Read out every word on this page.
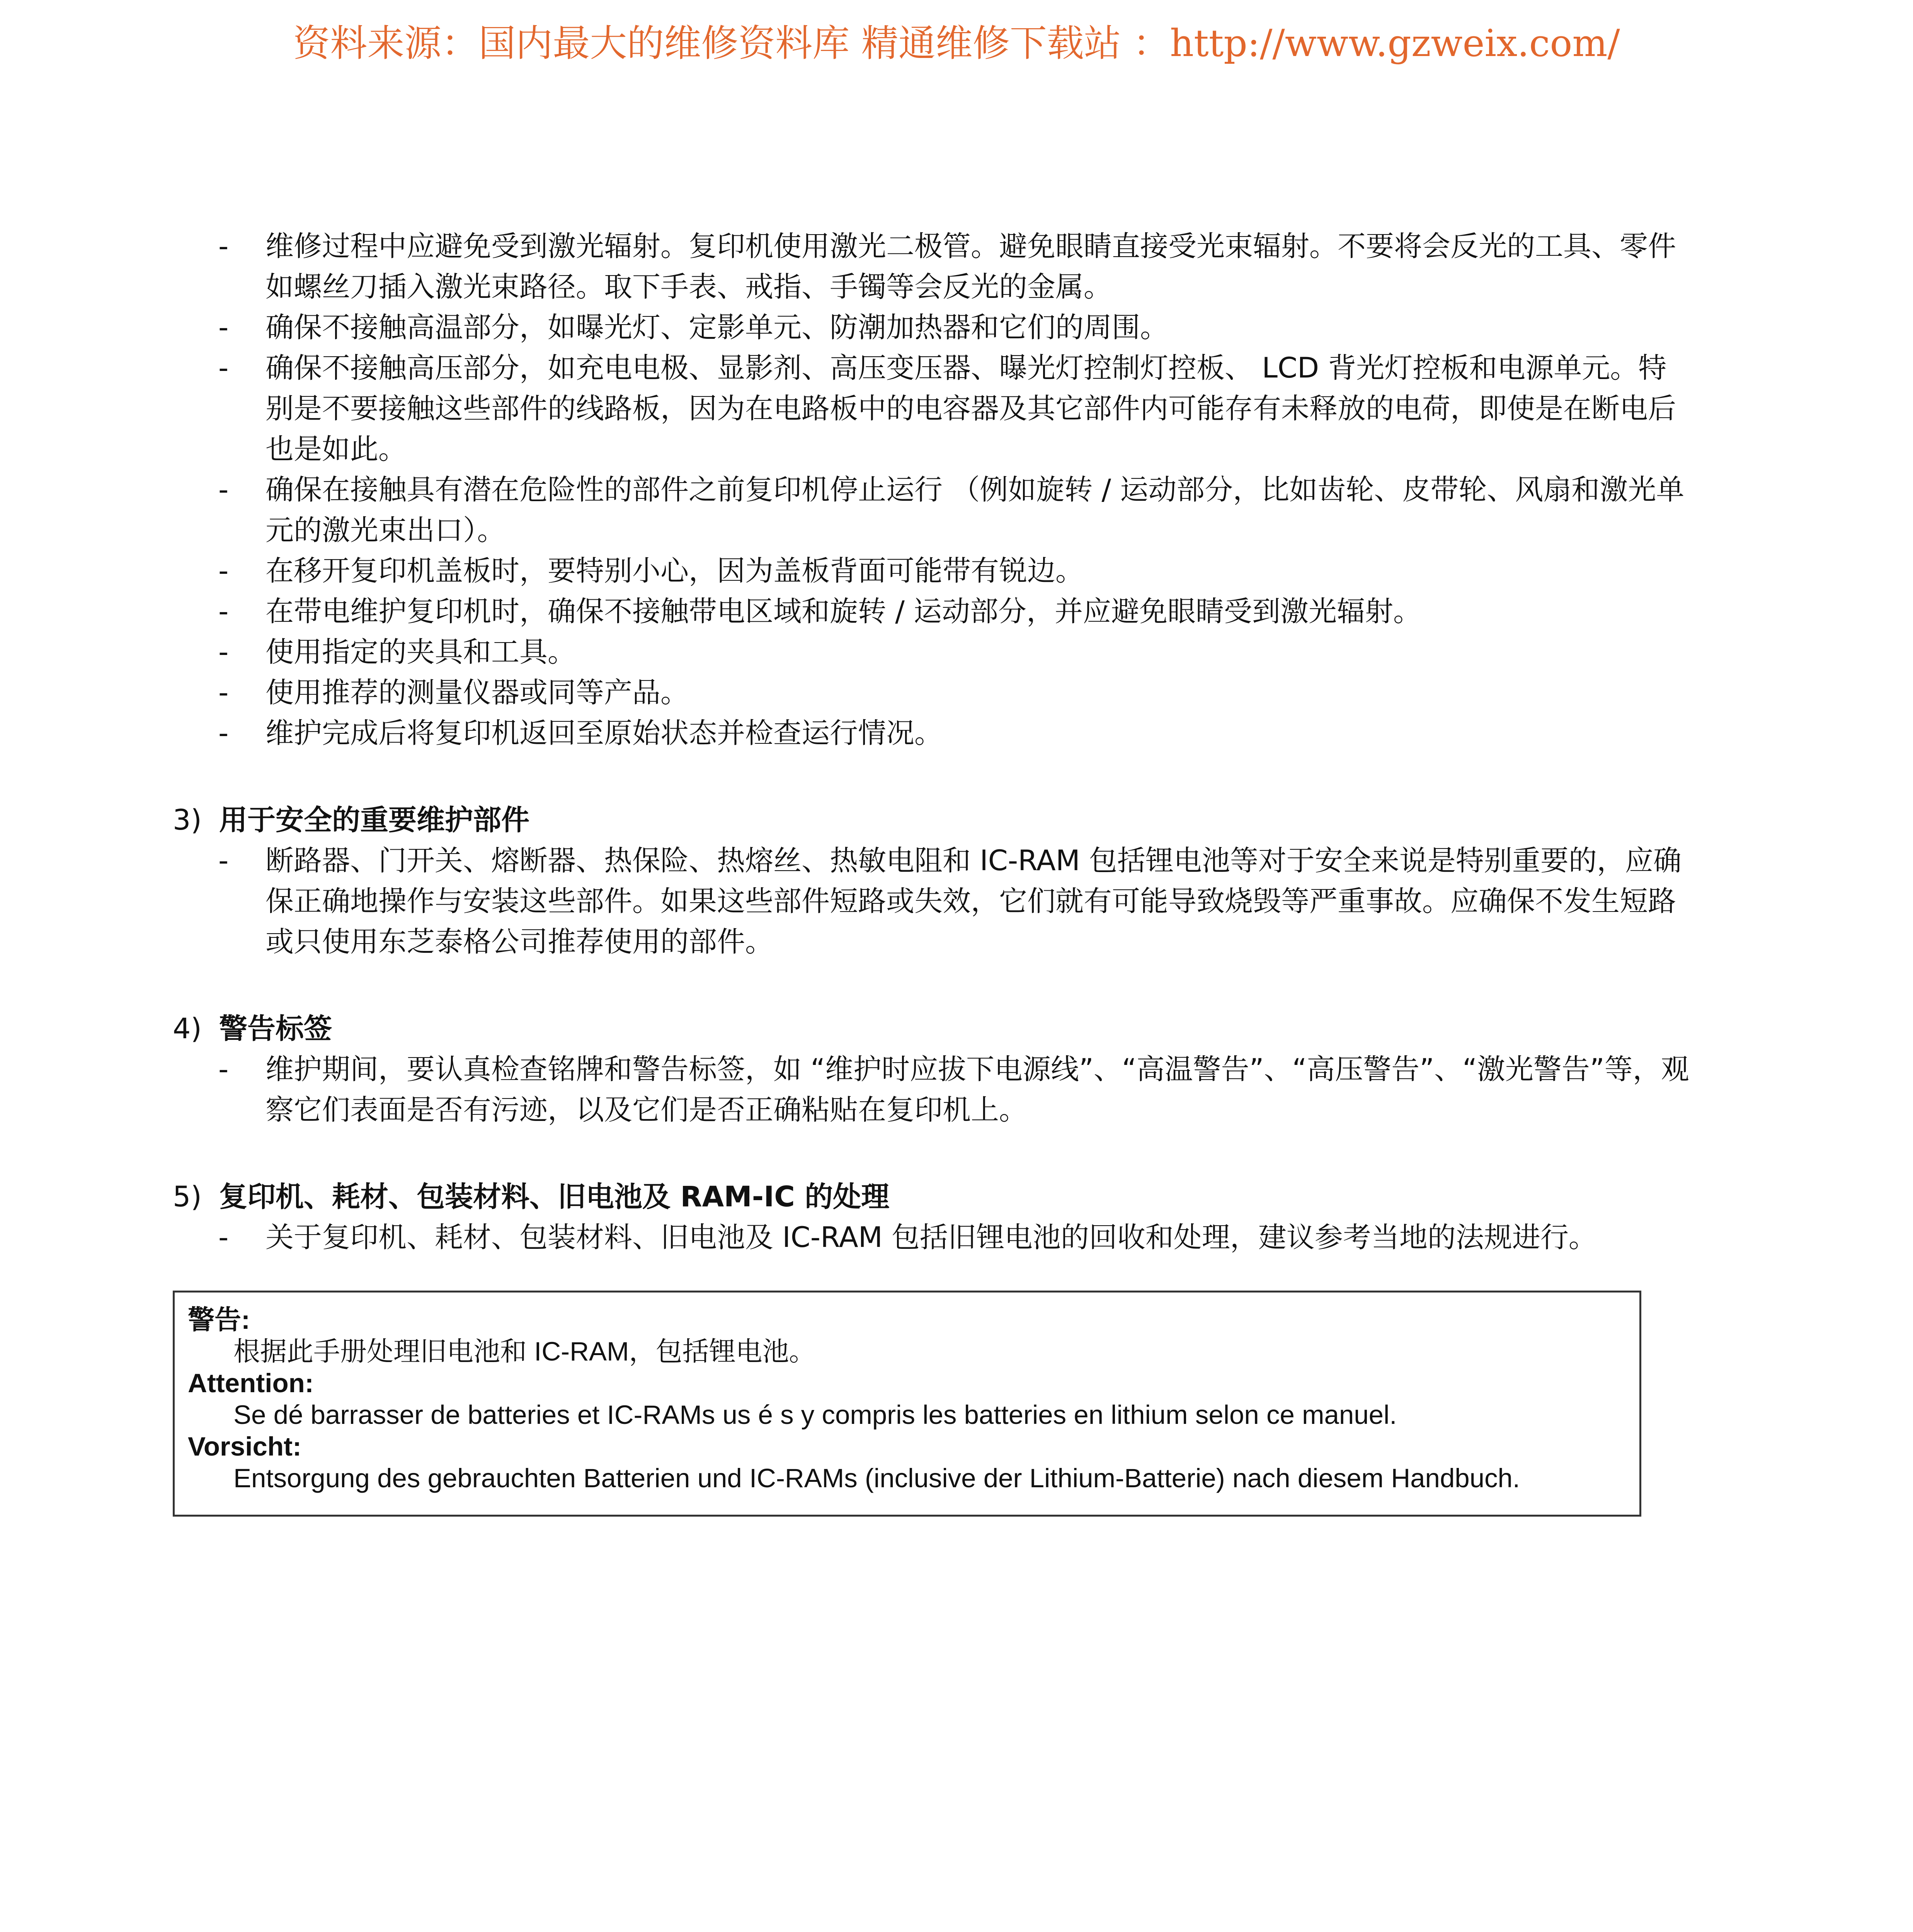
资料来源：国内最大的维修资料库 精通维修下载站 ：http://www.gzweix.com/
- 维修过程中应避免受到激光辐射。复印机使用激光二极管。避免眼睛直接受光束辐射。不要将会反光的工具、零件如螺丝刀插入激光束路径。取下手表、戒指、手镯等会反光的金属。
- 确保不接触高温部分，如曝光灯、定影单元、防潮加热器和它们的周围。
- 确保不接触高压部分，如充电电极、显影剂、高压变压器、曝光灯控制灯控板、 LCD 背光灯控板和电源单元。特别是不要接触这些部件的线路板，因为在电路板中的电容器及其它部件内可能存有未释放的电荷，即使是在断电后也是如此。
- 确保在接触具有潜在危险性的部件之前复印机停止运行 （例如旋转 / 运动部分，比如齿轮、皮带轮、风扇和激光单元的激光束出口）。
- 在移开复印机盖板时，要特别小心，因为盖板背面可能带有锐边。
- 在带电维护复印机时，确保不接触带电区域和旋转 / 运动部分，并应避免眼睛受到激光辐射。
- 使用指定的夹具和工具。
- 使用推荐的测量仪器或同等产品。
- 维护完成后将复印机返回至原始状态并检查运行情况。
3) 用于安全的重要维护部件
- 断路器、门开关、熔断器、热保险、热熔丝、热敏电阻和 IC-RAM 包括锂电池等对于安全来说是特别重要的，应确保正确地操作与安装这些部件。如果这些部件短路或失效，它们就有可能导致烧毁等严重事故。应确保不发生短路或只使用东芝泰格公司推荐使用的部件。
4) 警告标签
- 维护期间，要认真检查铭牌和警告标签，如 “维护时应拔下电源线”、“高温警告”、“高压警告”、“激光警告”等，观察它们表面是否有污迹，以及它们是否正确粘贴在复印机上。
5) 复印机、耗材、包装材料、旧电池及 RAM-IC 的处理
- 关于复印机、耗材、包装材料、旧电池及 IC-RAM 包括旧锂电池的回收和处理，建议参考当地的法规进行。
警告:
根据此手册处理旧电池和 IC-RAM，包括锂电池。
Attention:
Se dé barrasser de batteries et IC-RAMs us é s y compris les batteries en lithium selon ce manuel.
Vorsicht:
Entsorgung des gebrauchten Batterien und IC-RAMs (inclusive der Lithium-Batterie) nach diesem Handbuch.
